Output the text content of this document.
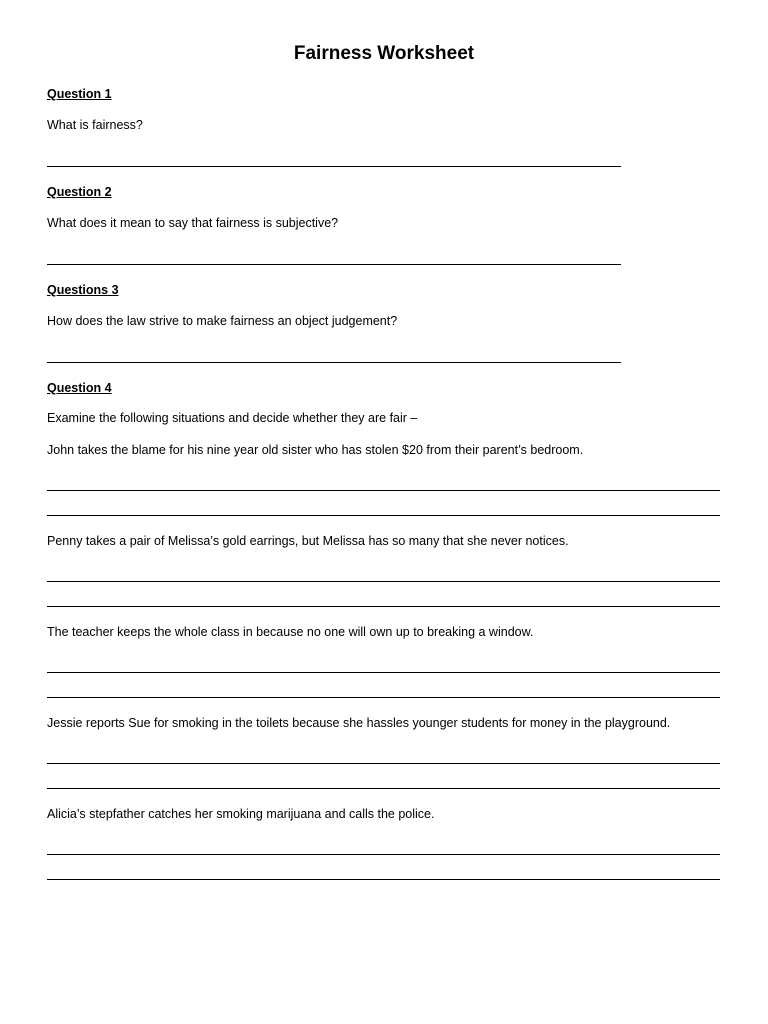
Fairness Worksheet
Question 1
What is fairness?
Question 2
What does it mean to say that fairness is subjective?
Questions 3
How does the law strive to make fairness an object judgement?
Question 4
Examine the following situations and decide whether they are fair –
John takes the blame for his nine year old sister who has stolen $20 from their parent’s bedroom.
Penny takes a pair of Melissa’s gold earrings, but Melissa has so many that she never notices.
The teacher keeps the whole class in because no one will own up to breaking a window.
Jessie reports Sue for smoking in the toilets because she hassles younger students for money in the playground.
Alicia’s stepfather catches her smoking marijuana and calls the police.
